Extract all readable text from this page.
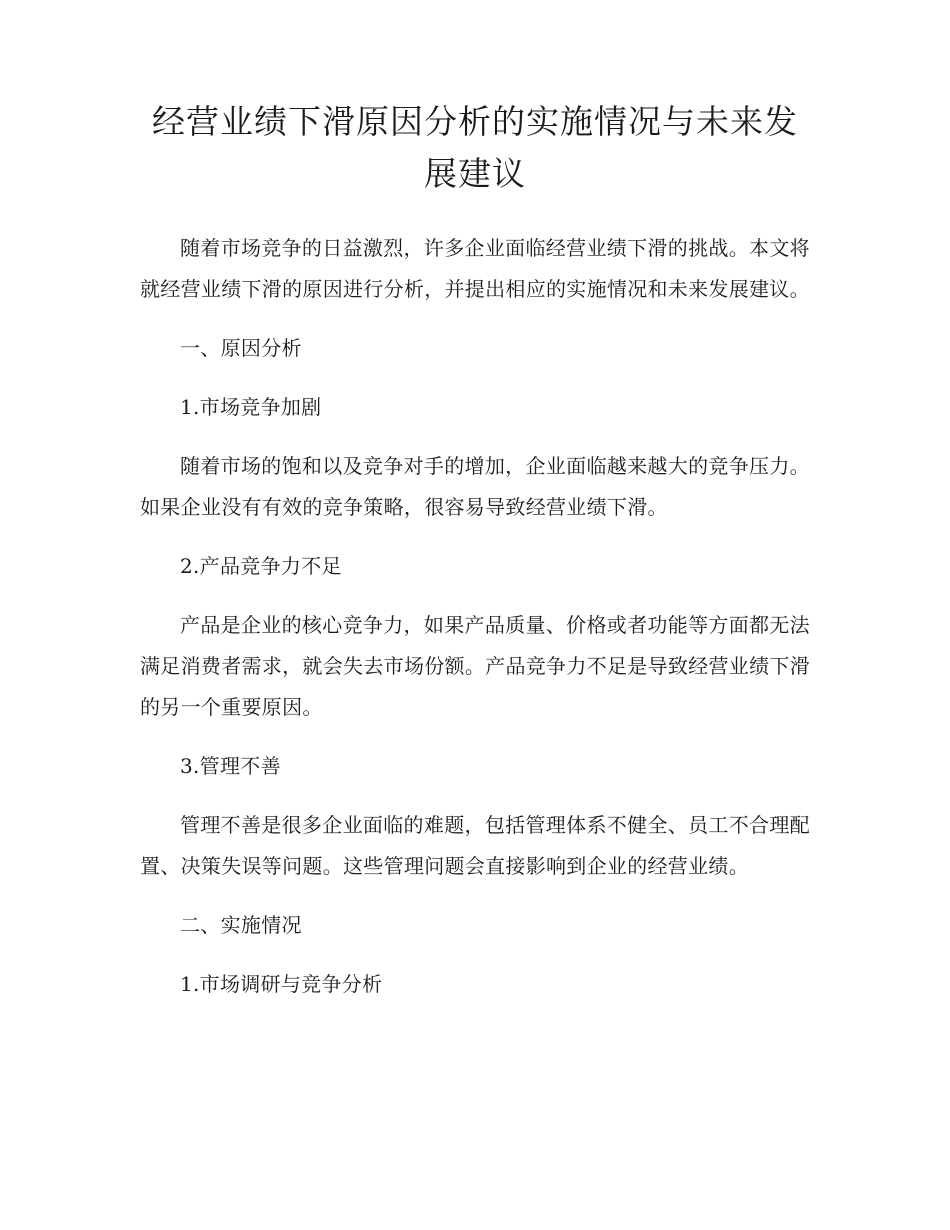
经营业绩下滑原因分析的实施情况与未来发展建议

随着市场竞争的日益激烈，许多企业面临经营业绩下滑的挑战。本文将就经营业绩下滑的原因进行分析，并提出相应的实施情况和未来发展建议。

一、原因分析

1.市场竞争加剧

随着市场的饱和以及竞争对手的增加，企业面临越来越大的竞争压力。如果企业没有有效的竞争策略，很容易导致经营业绩下滑。

2.产品竞争力不足

产品是企业的核心竞争力，如果产品质量、价格或者功能等方面都无法满足消费者需求，就会失去市场份额。产品竞争力不足是导致经营业绩下滑的另一个重要原因。

3.管理不善

管理不善是很多企业面临的难题，包括管理体系不健全、员工不合理配置、决策失误等问题。这些管理问题会直接影响到企业的经营业绩。

二、实施情况

1.市场调研与竞争分析
